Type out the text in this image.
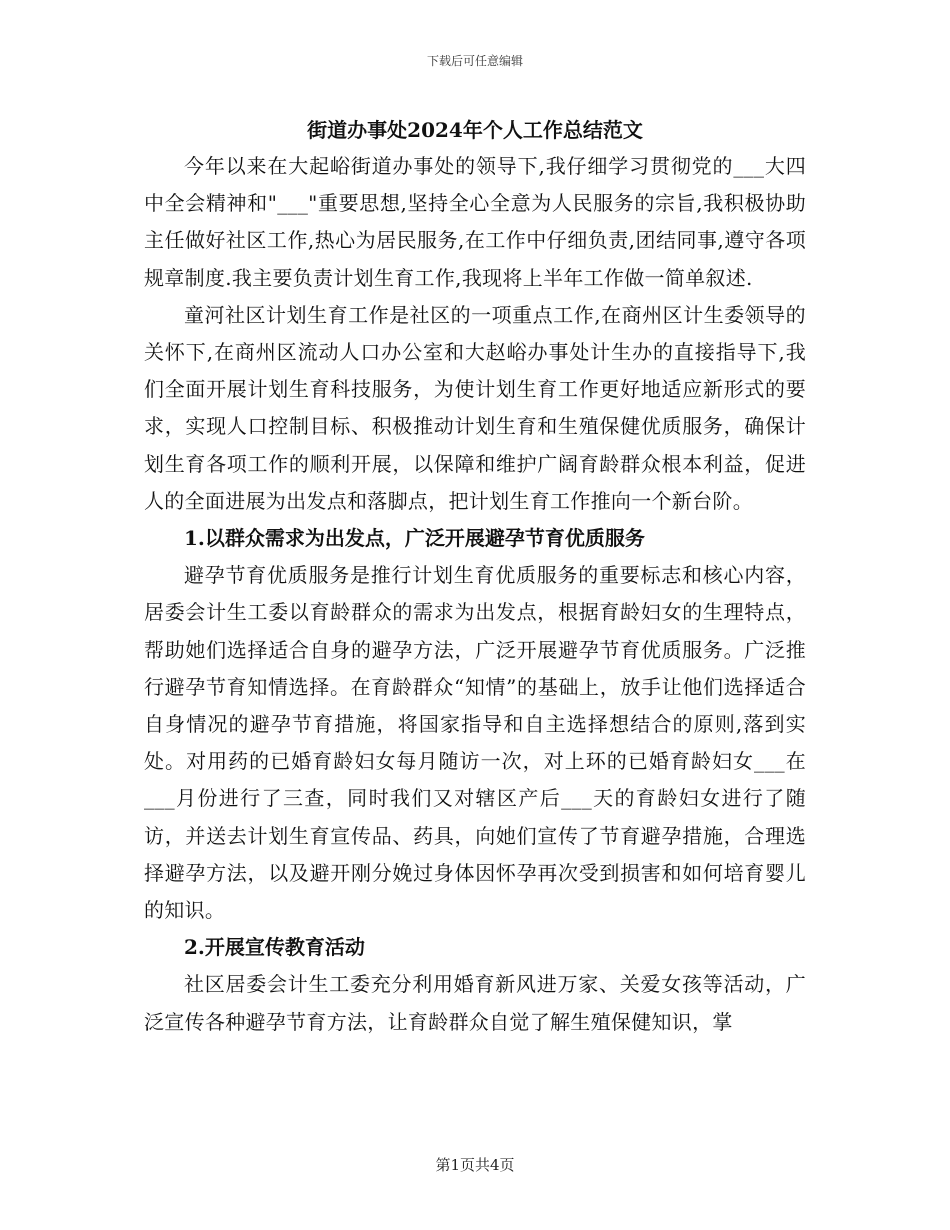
下载后可任意编辑
街道办事处2024年个人工作总结范文

今年以来在大起峪街道办事处的领导下,我仔细学习贯彻党的___大四中全会精神和"___"重要思想,坚持全心全意为人民服务的宗旨,我积极协助主任做好社区工作,热心为居民服务,在工作中仔细负责,团结同事,遵守各项规章制度.我主要负责计划生育工作,我现将上半年工作做一简单叙述.

童河社区计划生育工作是社区的一项重点工作,在商州区计生委领导的关怀下,在商州区流动人口办公室和大赵峪办事处计生办的直接指导下,我们全面开展计划生育科技服务，为使计划生育工作更好地适应新形式的要求，实现人口控制目标、积极推动计划生育和生殖保健优质服务，确保计划生育各项工作的顺利开展，以保障和维护广阔育龄群众根本利益，促进人的全面进展为出发点和落脚点，把计划生育工作推向一个新台阶。

1.以群众需求为出发点，广泛开展避孕节育优质服务

避孕节育优质服务是推行计划生育优质服务的重要标志和核心内容，居委会计生工委以育龄群众的需求为出发点，根据育龄妇女的生理特点，帮助她们选择适合自身的避孕方法，广泛开展避孕节育优质服务。广泛推行避孕节育知情选择。在育龄群众“知情”的基础上，放手让他们选择适合自身情况的避孕节育措施，将国家指导和自主选择想结合的原则,落到实处。对用药的已婚育龄妇女每月随访一次，对上环的已婚育龄妇女___在___月份进行了三查，同时我们又对辖区产后___天的育龄妇女进行了随访，并送去计划生育宣传品、药具，向她们宣传了节育避孕措施，合理选择避孕方法，以及避开刚分娩过身体因怀孕再次受到损害和如何培育婴儿的知识。

2.开展宣传教育活动

社区居委会计生工委充分利用婚育新风进万家、关爱女孩等活动，广泛宣传各种避孕节育方法，让育龄群众自觉了解生殖保健知识，掌

第1页共4页
